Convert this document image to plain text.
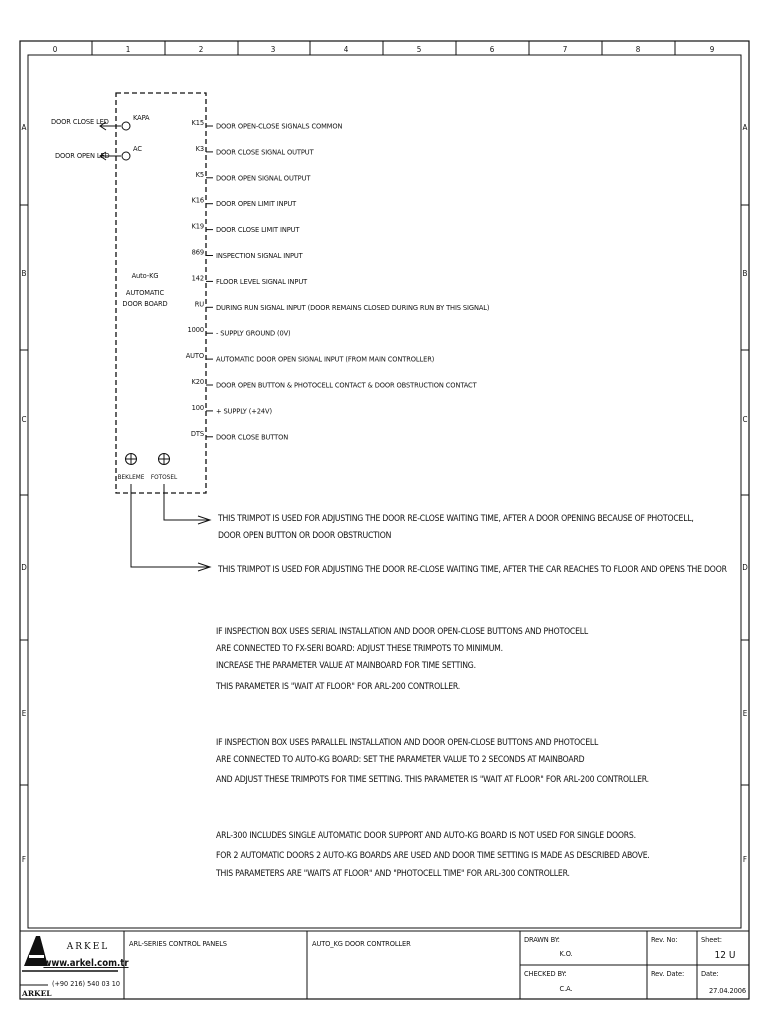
0	1	2	3	4	5	6	7	8	9
A
B
C
D
E
F
A
B
C
D
E
F
Auto-KG
AUTOMATIC
DOOR BOARD
DOOR CLOSE LED	KAPA
DOOR OPEN LED
AC
K15 DOOR OPEN-CLOSE SIGNALS COMMON
K3 DOOR CLOSE SIGNAL OUTPUT
K5 DOOR OPEN SIGNAL OUTPUT
K16 DOOR OPEN LIMIT INPUT
K19 DOOR CLOSE LIMIT INPUT
869 INSPECTION SIGNAL INPUT
142 FLOOR LEVEL SIGNAL INPUT
RU DURING RUN SIGNAL INPUT (DOOR REMAINS CLOSED DURING RUN BY THIS SIGNAL)
1000 - SUPPLY GROUND (0V)
AUTO AUTOMATIC DOOR OPEN SIGNAL INPUT (FROM MAIN CONTROLLER)
K20 DOOR OPEN BUTTON & PHOTOCELL CONTACT & DOOR OBSTRUCTION CONTACT
100 + SUPPLY (+24V)
DTS DOOR CLOSE BUTTON
BEKLEME FOTOSEL
THIS TRIMPOT IS USED FOR ADJUSTING THE DOOR RE-CLOSE WAITING TIME, AFTER A DOOR OPENING BECAUSE OF PHOTOCELL,
DOOR OPEN BUTTON OR DOOR OBSTRUCTION
THIS TRIMPOT IS USED FOR ADJUSTING THE DOOR RE-CLOSE WAITING TIME, AFTER THE CAR REACHES TO FLOOR AND OPENS THE DOOR
IF INSPECTION BOX USES SERIAL INSTALLATION AND DOOR OPEN-CLOSE BUTTONS AND PHOTOCELL
ARE CONNECTED TO FX-SERI BOARD: ADJUST THESE TRIMPOTS TO MINIMUM.
INCREASE THE PARAMETER VALUE AT MAINBOARD FOR TIME SETTING.
THIS PARAMETER IS "WAIT AT FLOOR" FOR ARL-200 CONTROLLER.
IF INSPECTION BOX USES PARALLEL INSTALLATION AND DOOR OPEN-CLOSE BUTTONS AND PHOTOCELL
ARE CONNECTED TO AUTO-KG BOARD: SET THE PARAMETER VALUE TO 2 SECONDS AT MAINBOARD
AND ADJUST THESE TRIMPOTS FOR TIME SETTING. THIS PARAMETER IS "WAIT AT FLOOR" FOR ARL-200 CONTROLLER.
ARL-300 INCLUDES SINGLE AUTOMATIC DOOR SUPPORT AND AUTO-KG BOARD IS NOT USED FOR SINGLE DOORS.
FOR 2 AUTOMATIC DOORS 2 AUTO-KG BOARDS ARE USED AND DOOR TIME SETTING IS MADE AS DESCRIBED ABOVE.
THIS PARAMETERS ARE "WAITS AT FLOOR" AND "PHOTOCELL TIME" FOR ARL-300 CONTROLLER.
ARKEL
ARKEL
www.arkel.com.tr
(+90 216) 540 03 10
ARL-SERIES CONTROL PANELS	AUTO_KG DOOR CONTROLLER	DRAWN BY:
K.O.
CHECKED BY:
C.A.
Rev. No:
Rev. Date:
Sheet:
12 U
Date:
27.04.2006
